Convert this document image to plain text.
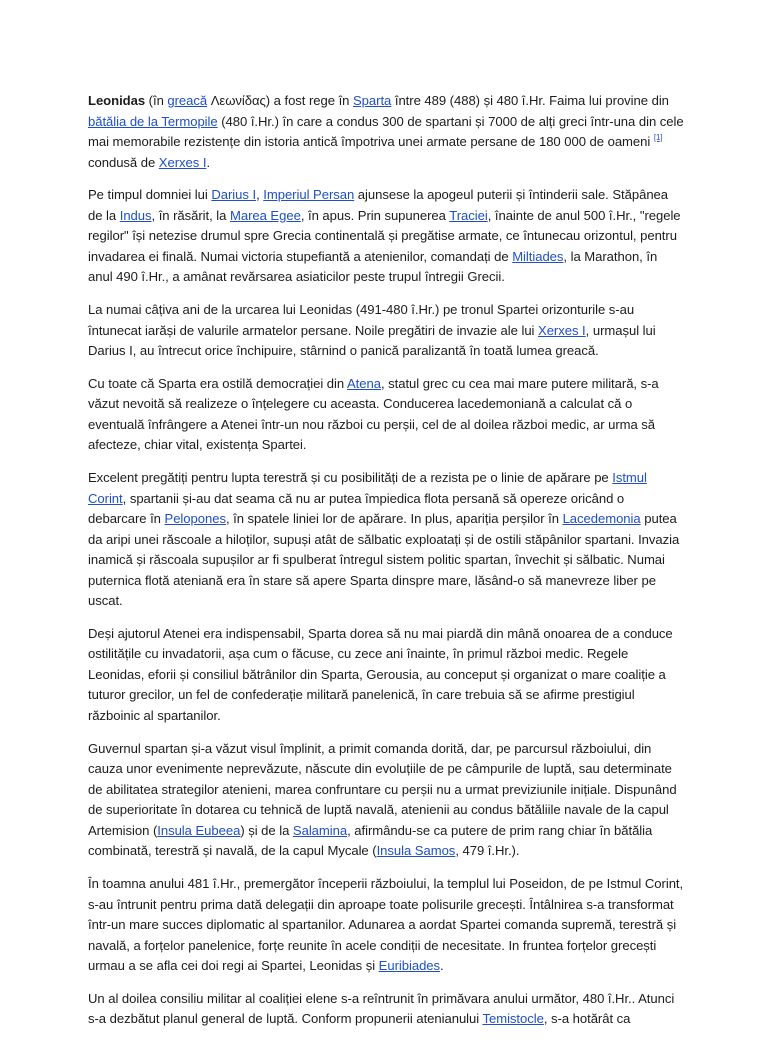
Leonidas (în greacă Λεωνίδας) a fost rege în Sparta între 489 (488) și 480 î.Hr. Faima lui provine din bătălia de la Termopile (480 î.Hr.) în care a condus 300 de spartani și 7000 de alți greci într-una din cele mai memorabile rezistențe din istoria antică împotriva unei armate persane de 180 000 de oameni [1] condusă de Xerxes I.

Pe timpul domniei lui Darius I, Imperiul Persan ajunsese la apogeul puterii și întinderii sale. Stăpânea de la Indus, în răsărit, la Marea Egee, în apus. Prin supunerea Traciei, înainte de anul 500 î.Hr., "regele regilor" își netezise drumul spre Grecia continentală și pregătise armate, ce întunecau orizontul, pentru invadarea ei finală. Numai victoria stupefiantă a atenienilor, comandați de Miltiades, la Marathon, în anul 490 î.Hr., a amânat revărsarea asiaticilor peste trupul întregii Grecii.

La numai câțiva ani de la urcarea lui Leonidas (491-480 î.Hr.) pe tronul Spartei orizonturile s-au întunecat iarăși de valurile armatelor persane. Noile pregătiri de invazie ale lui Xerxes I, urmașul lui Darius I, au întrecut orice închipuire, stârnind o panică paralizantă în toată lumea greacă.

Cu toate că Sparta era ostilă democrației din Atena, statul grec cu cea mai mare putere militară, s-a văzut nevoită să realizeze o înțelegere cu aceasta. Conducerea lacedemoniană a calculat că o eventuală înfrângere a Atenei într-un nou război cu perșii, cel de al doilea război medic, ar urma să afecteze, chiar vital, existența Spartei.

Excelent pregătiți pentru lupta terestră și cu posibilități de a rezista pe o linie de apărare pe Istmul Corint, spartanii și-au dat seama că nu ar putea împiedica flota persană să opereze oricând o debarcare în Pelopones, în spatele liniei lor de apărare. In plus, apariția perșilor în Lacedemonia putea da aripi unei răscoale a hiloților, supuși atât de sălbatic exploatați și de ostili stăpânilor spartani. Invazia inamică și răscoala supușilor ar fi spulberat întregul sistem politic spartan, învechit și sălbatic. Numai puternica flotă ateniană era în stare să apere Sparta dinspre mare, lăsând-o să manevreze liber pe uscat.

Deși ajutorul Atenei era indispensabil, Sparta dorea să nu mai piardă din mână onoarea de a conduce ostilitățile cu invadatorii, așa cum o făcuse, cu zece ani înainte, în primul război medic. Regele Leonidas, eforii și consiliul bătrânilor din Sparta, Gerousia, au conceput și organizat o mare coaliție a tuturor grecilor, un fel de confederație militară panelenică, în care trebuia să se afirme prestigiul războinic al spartanilor.

Guvernul spartan și-a văzut visul împlinit, a primit comanda dorită, dar, pe parcursul războiului, din cauza unor evenimente neprevăzute, născute din evoluțiile de pe câmpurile de luptă, sau determinate de abilitatea strategilor atenieni, marea confruntare cu perșii nu a urmat previziunile inițiale. Dispunând de superioritate în dotarea cu tehnică de luptă navală, atenienii au condus bătăliile navale de la capul Artemision (Insula Eubeea) și de la Salamina, afirmându-se ca putere de prim rang chiar în bătălia combinată, terestră și navală, de la capul Mycale (Insula Samos, 479 î.Hr.).

În toamna anului 481 î.Hr., premergător începerii războiului, la templul lui Poseidon, de pe Istmul Corint, s-au întrunit pentru prima dată delegații din aproape toate polisurile grecești. Întâlnirea s-a transformat într-un mare succes diplomatic al spartanilor. Adunarea a aordat Spartei comanda supremă, terestră și navală, a forțelor panelenice, forțe reunite în acele condiții de necesitate. In fruntea forțelor grecești urmau a se afla cei doi regi ai Spartei, Leonidas și Euribiades.

Un al doilea consiliu militar al coaliției elene s-a reîntrunit în primăvara anului următor, 480 î.Hr.. Atunci s-a dezbătut planul general de luptă. Conform propunerii atenianului Temistocle, s-a hotărât ca
